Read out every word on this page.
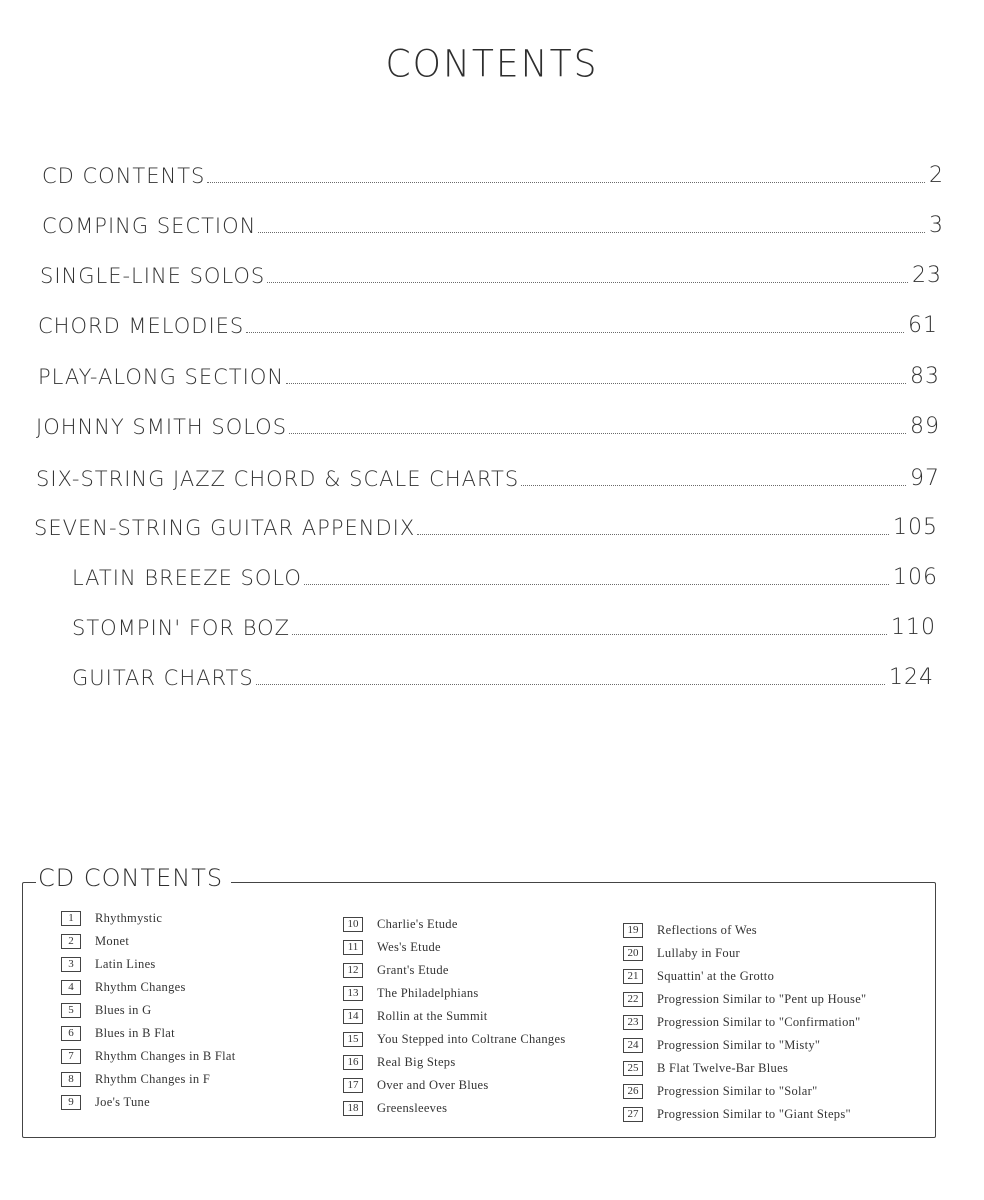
CONTENTS
CD CONTENTS	2
COMPING SECTION	3
SINGLE-LINE SOLOS	23
CHORD MELODIES	61
PLAY-ALONG SECTION	83
JOHNNY SMITH SOLOS	89
SIX-STRING JAZZ CHORD & SCALE CHARTS	97
SEVEN-STRING GUITAR APPENDIX	105
LATIN BREEZE SOLO	106
STOMPIN' FOR BOZ	110
GUITAR CHARTS	124
CD CONTENTS
1	Rhythmystic
2	Monet
3	Latin Lines
4	Rhythm Changes
5	Blues in G
6	Blues in B Flat
7	Rhythm Changes in B Flat
8	Rhythm Changes in F
9	Joe's Tune
10	Charlie's Etude
11	Wes's Etude
12	Grant's Etude
13	The Philadelphians
14	Rollin at the Summit
15	You Stepped into Coltrane Changes
16	Real Big Steps
17	Over and Over Blues
18	Greensleeves
19	Reflections of Wes
20	Lullaby in Four
21	Squattin' at the Grotto
22	Progression Similar to "Pent up House"
23	Progression Similar to "Confirmation"
24	Progression Similar to "Misty"
25	B Flat Twelve-Bar Blues
26	Progression Similar to "Solar"
27	Progression Similar to "Giant Steps"
